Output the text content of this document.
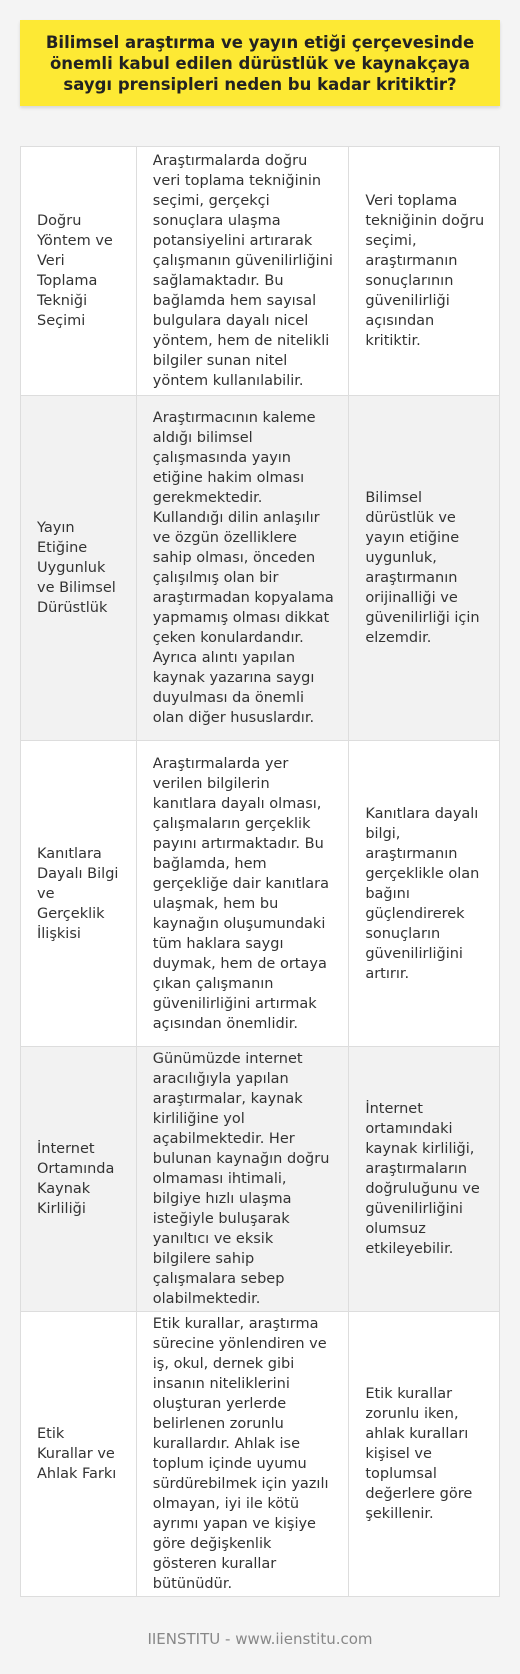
Bilimsel araştırma ve yayın etiği çerçevesinde önemli kabul edilen dürüstlük ve kaynakçaya saygı prensipleri neden bu kadar kritiktir?
Doğru Yöntem ve Veri Toplama Tekniği Seçimi
Araştırmalarda doğru veri toplama tekniğinin seçimi, gerçekçi sonuçlara ulaşma potansiyelini artırarak çalışmanın güvenilirliğini sağlamaktadır. Bu bağlamda hem sayısal bulgulara dayalı nicel yöntem, hem de nitelikli bilgiler sunan nitel yöntem kullanılabilir.
Veri toplama tekniğinin doğru seçimi, araştırmanın sonuçlarının güvenilirliği açısından kritiktir.
Yayın Etiğine Uygunluk ve Bilimsel Dürüstlük
Araştırmacının kaleme aldığı bilimsel çalışmasında yayın etiğine hakim olması gerekmektedir. Kullandığı dilin anlaşılır ve özgün özelliklere sahip olması, önceden çalışılmış olan bir araştırmadan kopyalama yapmamış olması dikkat çeken konulardandır. Ayrıca alıntı yapılan kaynak yazarına saygı duyulması da önemli olan diğer hususlardır.
Bilimsel dürüstlük ve yayın etiğine uygunluk, araştırmanın orijinalliği ve güvenilirliği için elzemdir.
Kanıtlara Dayalı Bilgi ve Gerçeklik İlişkisi
Araştırmalarda yer verilen bilgilerin kanıtlara dayalı olması, çalışmaların gerçeklik payını artırmaktadır. Bu bağlamda, hem gerçekliğe dair kanıtlara ulaşmak, hem bu kaynağın oluşumundaki tüm haklara saygı duymak, hem de ortaya çıkan çalışmanın güvenilirliğini artırmak açısından önemlidir.
Kanıtlara dayalı bilgi, araştırmanın gerçeklikle olan bağını güçlendirerek sonuçların güvenilirliğini artırır.
İnternet Ortamında Kaynak Kirliliği
Günümüzde internet aracılığıyla yapılan araştırmalar, kaynak kirliliğine yol açabilmektedir. Her bulunan kaynağın doğru olmaması ihtimali, bilgiye hızlı ulaşma isteğiyle buluşarak yanıltıcı ve eksik bilgilere sahip çalışmalara sebep olabilmektedir.
İnternet ortamındaki kaynak kirliliği, araştırmaların doğruluğunu ve güvenilirliğini olumsuz etkileyebilir.
Etik Kurallar ve Ahlak Farkı
Etik kurallar, araştırma sürecine yönlendiren ve iş, okul, dernek gibi insanın niteliklerini oluşturan yerlerde belirlenen zorunlu kurallardır. Ahlak ise toplum içinde uyumu sürdürebilmek için yazılı olmayan, iyi ile kötü ayrımı yapan ve kişiye göre değişkenlik gösteren kurallar bütünüdür.
Etik kurallar zorunlu iken, ahlak kuralları kişisel ve toplumsal değerlere göre şekillenir.
IIENSTITU - www.iienstitu.com
